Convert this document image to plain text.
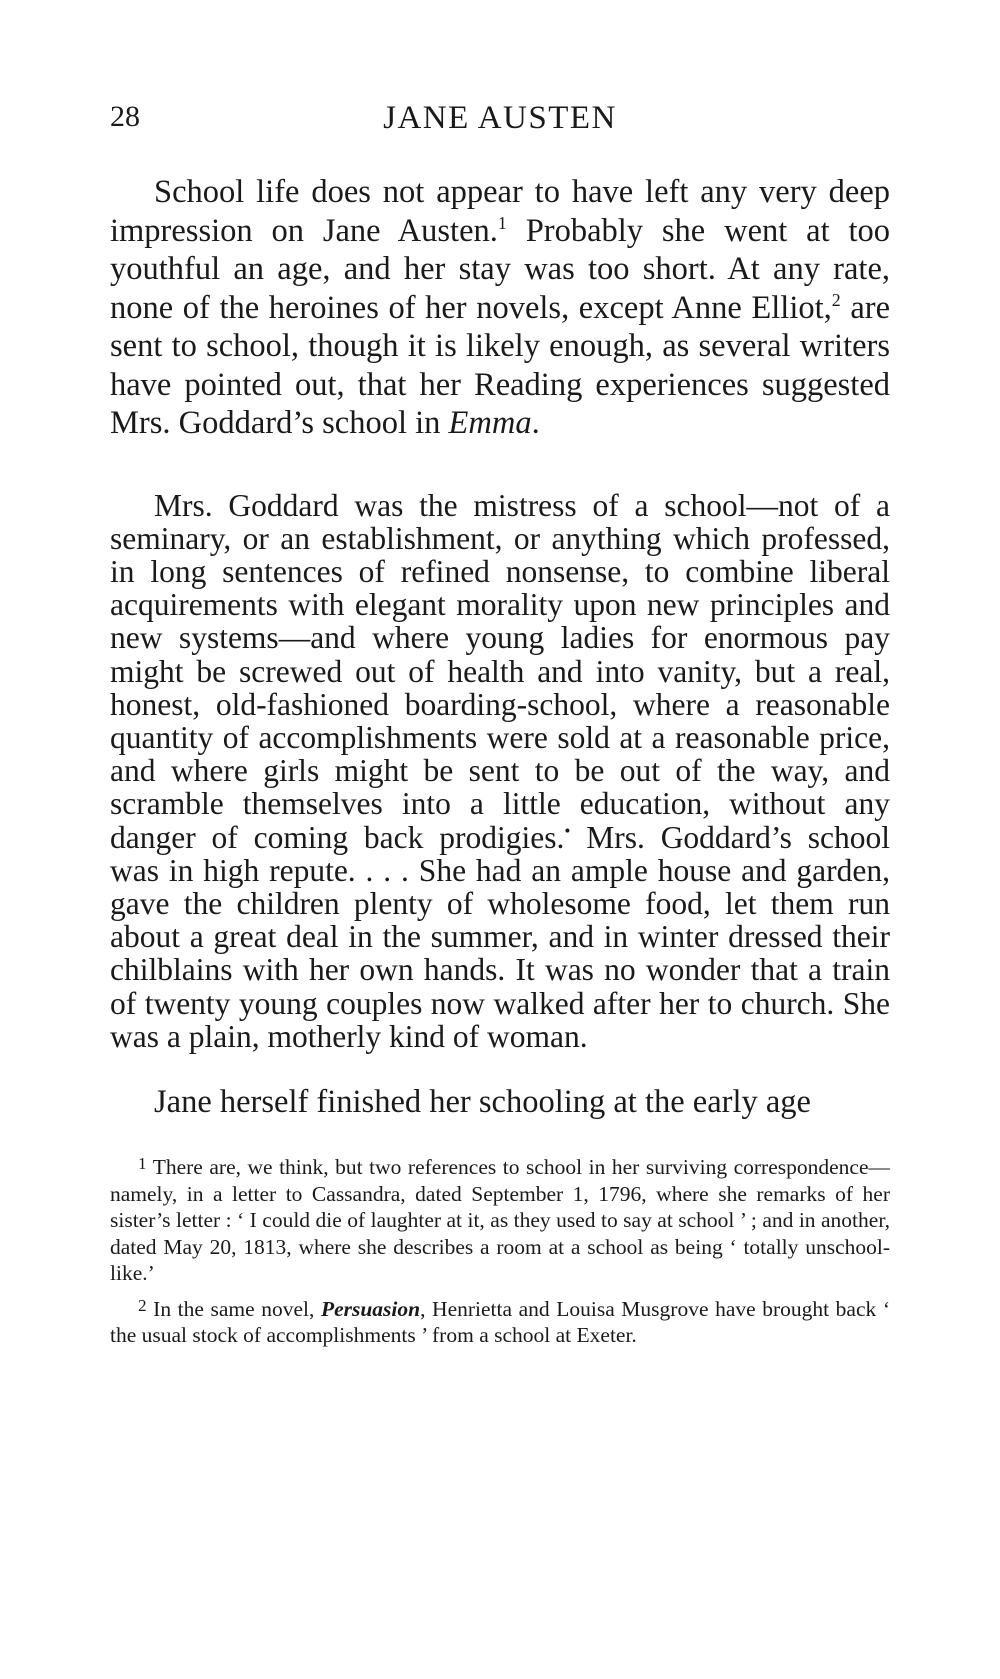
28	JANE AUSTEN

School life does not appear to have left any very deep impression on Jane Austen.$^1$ Probably she went at too youthful an age, and her stay was too short. At any rate, none of the heroines of her novels, except Anne Elliot,$^2$ are sent to school, though it is likely enough, as several writers have pointed out, that her Reading experiences suggested Mrs. Goddard’s school in Emma.

Mrs. Goddard was the mistress of a school—not of a seminary, or an establishment, or anything which professed, in long sentences of refined nonsense, to combine liberal acquirements with elegant morality upon new principles and new systems—and where young ladies for enormous pay might be screwed out of health and into vanity, but a real, honest, old-fashioned boarding-school, where a reasonable quantity of accomplishments were sold at a reasonable price, and where girls might be sent to be out of the way, and scramble themselves into a little education, without any danger of coming back prodigies.• Mrs. Goddard’s school was in high repute. . . . She had an ample house and garden, gave the children plenty of wholesome food, let them run about a great deal in the summer, and in winter dressed their chilblains with her own hands. It was no wonder that a train of twenty young couples now walked after her to church. She was a plain, motherly kind of woman.

Jane herself finished her schooling at the early age

$^1$ There are, we think, but two references to school in her surviving correspondence—namely, in a letter to Cassandra, dated September 1, 1796, where she remarks of her sister’s letter : ‘ I could die of laughter at it, as they used to say at school ’ ; and in another, dated May 20, 1813, where she describes a room at a school as being ‘ totally unschool-like.’

$^2$ In the same novel, Persuasion, Henrietta and Louisa Musgrove have brought back ‘ the usual stock of accomplishments ’ from a school at Exeter.
